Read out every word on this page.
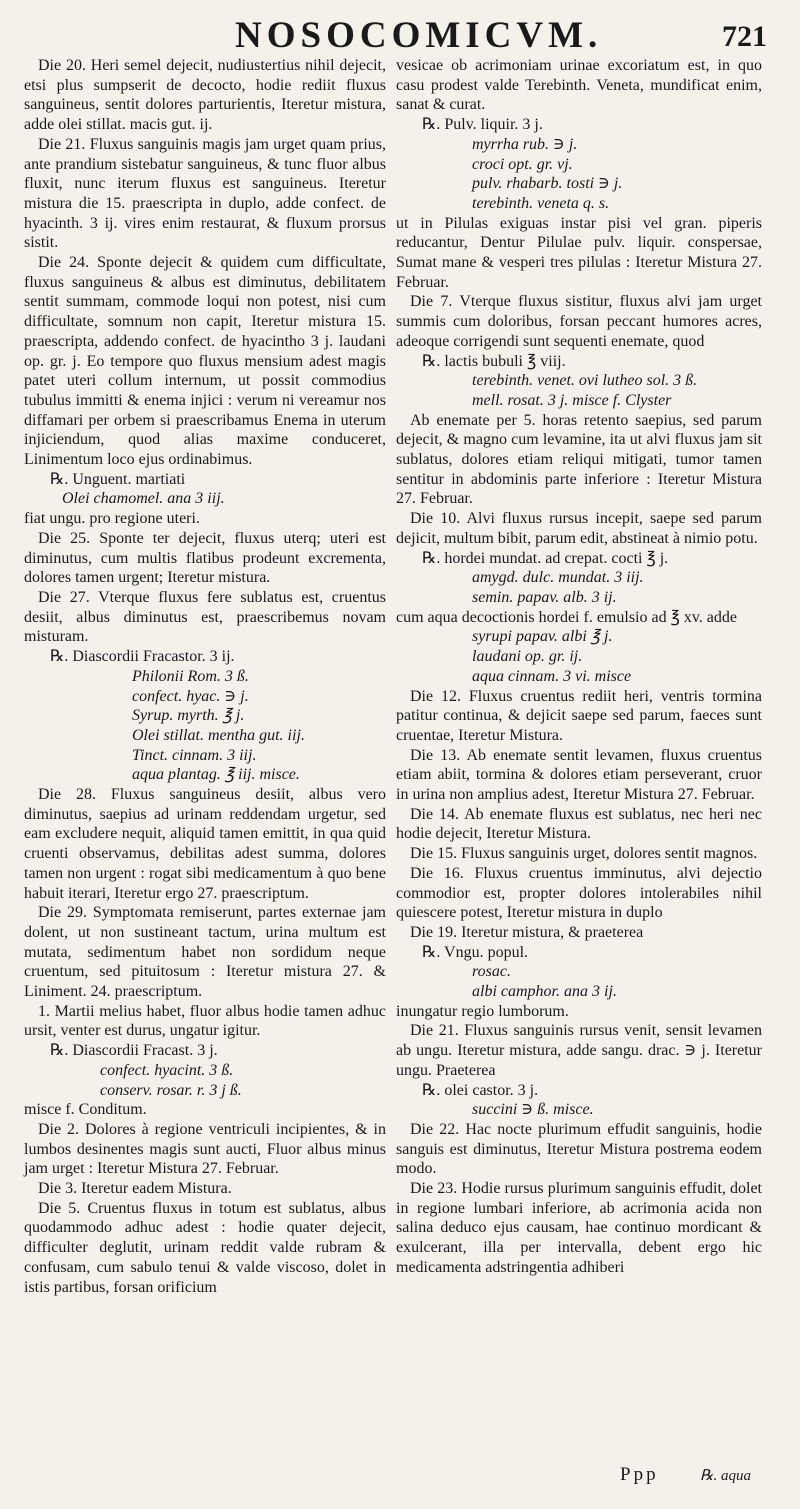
NOSOCOMICVM.	721

Die 20. Heri semel dejecit, nudiustertius nihil dejecit, etsi plus sumpserit de decocto, hodie rediit fluxus sanguineus, sentit dolores parturientis, Iteretur mistura, adde olei stillat. macis gut. ij.

Die 21. Fluxus sanguinis magis jam urget quam prius, ante prandium sistebatur sanguineus, & tunc fluor albus fluxit, nunc iterum fluxus est sanguineus. Iteretur mistura die 15. praescripta in duplo, adde confect. de hyacinth. 3 ij. vires enim restaurat, & fluxum prorsus sistit.

Die 24. Sponte dejecit & quidem cum difficultate, fluxus sanguineus & albus est diminutus, debilitatem sentit summam, commode loqui non potest, nisi cum difficultate, somnum non capit, Iteretur mistura 15. praescripta, addendo confect. de hyacintho 3 j. laudani op. gr. j. Eo tempore quo fluxus mensium adest magis patet uteri collum internum, ut possit commodius tubulus immitti & enema injici : verum ni vereamur nos diffamari per orbem si praescribamus Enema in uterum injiciendum, quod alias maxime conduceret, Linimentum loco ejus ordinabimus.

℞. Unguent. martiati

Olei chamomel. ana 3 iij.

fiat ungu. pro regione uteri.

Die 25. Sponte ter dejecit, fluxus uterq; uteri est diminutus, cum multis flatibus prodeunt excrementa, dolores tamen urgent; Iteretur mistura.

Die 27. Vterque fluxus fere sublatus est, cruentus desiit, albus diminutus est, praescribemus novam misturam.

℞. Diascordii Fracastor. 3 ij.

Philonii Rom. 3 ß.

confect. hyac. ∋ j.

Syrup. myrth. ℥ j.

Olei stillat. mentha gut. iij.

Tinct. cinnam. 3 iij.

aqua plantag. ℥ iij. misce.

Die 28. Fluxus sanguineus desiit, albus vero diminutus, saepius ad urinam reddendam urgetur, sed eam excludere nequit, aliquid tamen emittit, in qua quid cruenti observamus, debilitas adest summa, dolores tamen non urgent : rogat sibi medicamentum à quo bene habuit iterari, Iteretur ergo 27. praescriptum.

Die 29. Symptomata remiserunt, partes externae jam dolent, ut non sustineant tactum, urina multum est mutata, sedimentum habet non sordidum neque cruentum, sed pituitosum : Iteretur mistura 27. & Liniment. 24. praescriptum.

1. Martii melius habet, fluor albus hodie tamen adhuc ursit, venter est durus, ungatur igitur.

℞. Diascordii Fracast. 3 j.

confect. hyacint. 3 ß.

conserv. rosar. r. 3 j ß.

misce f. Conditum.

Die 2. Dolores à regione ventriculi incipientes, & in lumbos desinentes magis sunt aucti, Fluor albus minus jam urget : Iteretur Mistura 27. Februar.

Die 3. Iteretur eadem Mistura.

Die 5. Cruentus fluxus in totum est sublatus, albus quodammodo adhuc adest : hodie quater dejecit, difficulter deglutit, urinam reddit valde rubram & confusam, cum sabulo tenui & valde viscoso, dolet in istis partibus, forsan orificium

vesicae ob acrimoniam urinae excoriatum est, in quo casu prodest valde Terebinth. Veneta, mundificat enim, sanat & curat.

℞. Pulv. liquir. 3 j.

myrrha rub. ∋ j.

croci opt. gr. vj.

pulv. rhabarb. tosti ∋ j.

terebinth. veneta q. s.

ut in Pilulas exiguas instar pisi vel gran. piperis reducantur, Dentur Pilulae pulv. liquir. conspersae, Sumat mane & vesperi tres pilulas : Iteretur Mistura 27. Februar.

Die 7. Vterque fluxus sistitur, fluxus alvi jam urget summis cum doloribus, forsan peccant humores acres, adeoque corrigendi sunt sequenti enemate, quod

℞. lactis bubuli ℥ viij.

terebinth. venet. ovi lutheo sol. 3 ß.

mell. rosat. 3 j. misce f. Clyster

Ab enemate per 5. horas retento saepius, sed parum dejecit, & magno cum levamine, ita ut alvi fluxus jam sit sublatus, dolores etiam reliqui mitigati, tumor tamen sentitur in abdominis parte inferiore : Iteretur Mistura 27. Februar.

Die 10. Alvi fluxus rursus incepit, saepe sed parum dejicit, multum bibit, parum edit, abstineat à nimio potu.

℞. hordei mundat. ad crepat. cocti ℥ j.

amygd. dulc. mundat. 3 iij.

semin. papav. alb. 3 ij.

cum aqua decoctionis hordei f. emulsio ad ℥ xv. adde

syrupi papav. albi ℥ j.

laudani op. gr. ij.

aqua cinnam. 3 vi. misce

Die 12. Fluxus cruentus rediit heri, ventris tormina patitur continua, & dejicit saepe sed parum, faeces sunt cruentae, Iteretur Mistura.

Die 13. Ab enemate sentit levamen, fluxus cruentus etiam abiit, tormina & dolores etiam perseverant, cruor in urina non amplius adest, Iteretur Mistura 27. Februar.

Die 14. Ab enemate fluxus est sublatus, nec heri nec hodie dejecit, Iteretur Mistura.

Die 15. Fluxus sanguinis urget, dolores sentit magnos.

Die 16. Fluxus cruentus imminutus, alvi dejectio commodior est, propter dolores intolerabiles nihil quiescere potest, Iteretur mistura in duplo

Die 19. Iteretur mistura, & praeterea

℞. Vngu. popul.

rosac.

albi camphor. ana 3 ij.

inungatur regio lumborum.

Die 21. Fluxus sanguinis rursus venit, sensit levamen ab ungu. Iteretur mistura, adde sangu. drac. ∋ j. Iteretur ungu. Praeterea

℞. olei castor. 3 j.

succini ∋ ß. misce.

Die 22. Hac nocte plurimum effudit sanguinis, hodie sanguis est diminutus, Iteretur Mistura postrema eodem modo.

Die 23. Hodie rursus plurimum sanguinis effudit, dolet in regione lumbari inferiore, ab acrimonia acida non salina deduco ejus causam, hae continuo mordicant & exulcerant, illa per intervalla, debent ergo hic medicamenta adstringentia adhiberi

Ppp	℞. aqua
